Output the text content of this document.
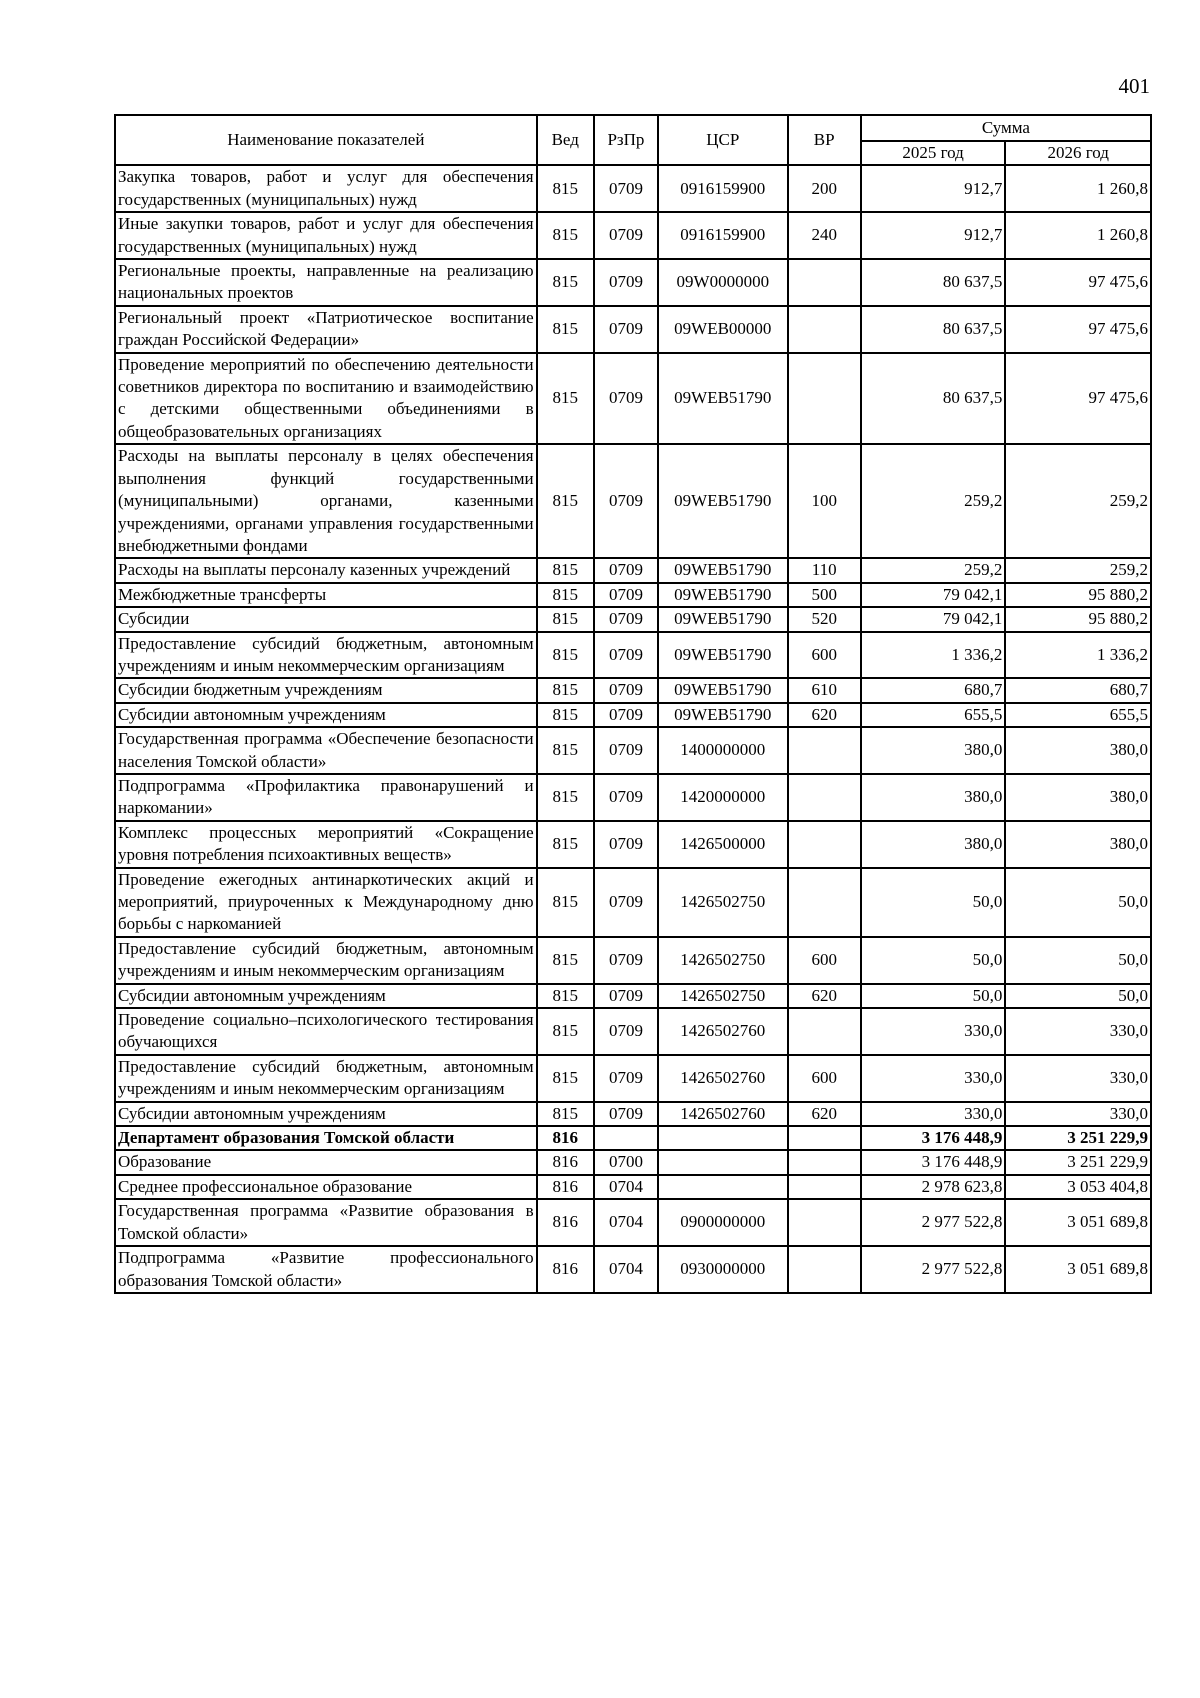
401
Наименование показателей	Вед	РзПр	ЦСР	ВР	Сумма	
					2025 год	2026 год
Закупка товаров, работ и услуг для обеспечения государственных (муниципальных) нужд	815	0709	0916159900	200	912,7	1 260,8
Иные закупки товаров, работ и услуг для обеспечения государственных (муниципальных) нужд	815	0709	0916159900	240	912,7	1 260,8
Региональные проекты, направленные на реализацию национальных проектов	815	0709	09W0000000		80 637,5	97 475,6
Региональный проект «Патриотическое воспитание граждан Российской Федерации»	815	0709	09WEB00000		80 637,5	97 475,6
Проведение мероприятий по обеспечению деятельности советников директора по воспитанию и взаимодействию с детскими общественными объединениями в общеобразовательных организациях	815	0709	09WEB51790		80 637,5	97 475,6
Расходы на выплаты персоналу в целях обеспечения выполнения функций государственными (муниципальными) органами, казенными учреждениями, органами управления государственными внебюджетными фондами	815	0709	09WEB51790	100	259,2	259,2
Расходы на выплаты персоналу казенных учреждений	815	0709	09WEB51790	110	259,2	259,2
Межбюджетные трансферты	815	0709	09WEB51790	500	79 042,1	95 880,2
Субсидии	815	0709	09WEB51790	520	79 042,1	95 880,2
Предоставление субсидий бюджетным, автономным учреждениям и иным некоммерческим организациям	815	0709	09WEB51790	600	1 336,2	1 336,2
Субсидии бюджетным учреждениям	815	0709	09WEB51790	610	680,7	680,7
Субсидии автономным учреждениям	815	0709	09WEB51790	620	655,5	655,5
Государственная программа «Обеспечение безопасности населения Томской области»	815	0709	1400000000		380,0	380,0
Подпрограмма «Профилактика правонарушений и наркомании»	815	0709	1420000000		380,0	380,0
Комплекс процессных мероприятий «Сокращение уровня потребления психоактивных веществ»	815	0709	1426500000		380,0	380,0
Проведение ежегодных антинаркотических акций и мероприятий, приуроченных к Международному дню борьбы с наркоманией	815	0709	1426502750		50,0	50,0
Предоставление субсидий бюджетным, автономным учреждениям и иным некоммерческим организациям	815	0709	1426502750	600	50,0	50,0
Субсидии автономным учреждениям	815	0709	1426502750	620	50,0	50,0
Проведение социально–психологического тестирования обучающихся	815	0709	1426502760		330,0	330,0
Предоставление субсидий бюджетным, автономным учреждениям и иным некоммерческим организациям	815	0709	1426502760	600	330,0	330,0
Субсидии автономным учреждениям	815	0709	1426502760	620	330,0	330,0
Департамент образования Томской области	816				3 176 448,9	3 251 229,9
Образование	816	0700			3 176 448,9	3 251 229,9
Среднее профессиональное образование	816	0704			2 978 623,8	3 053 404,8
Государственная программа «Развитие образования в Томской области»	816	0704	0900000000		2 977 522,8	3 051 689,8
Подпрограмма «Развитие профессионального образования Томской области»	816	0704	0930000000		2 977 522,8	3 051 689,8
